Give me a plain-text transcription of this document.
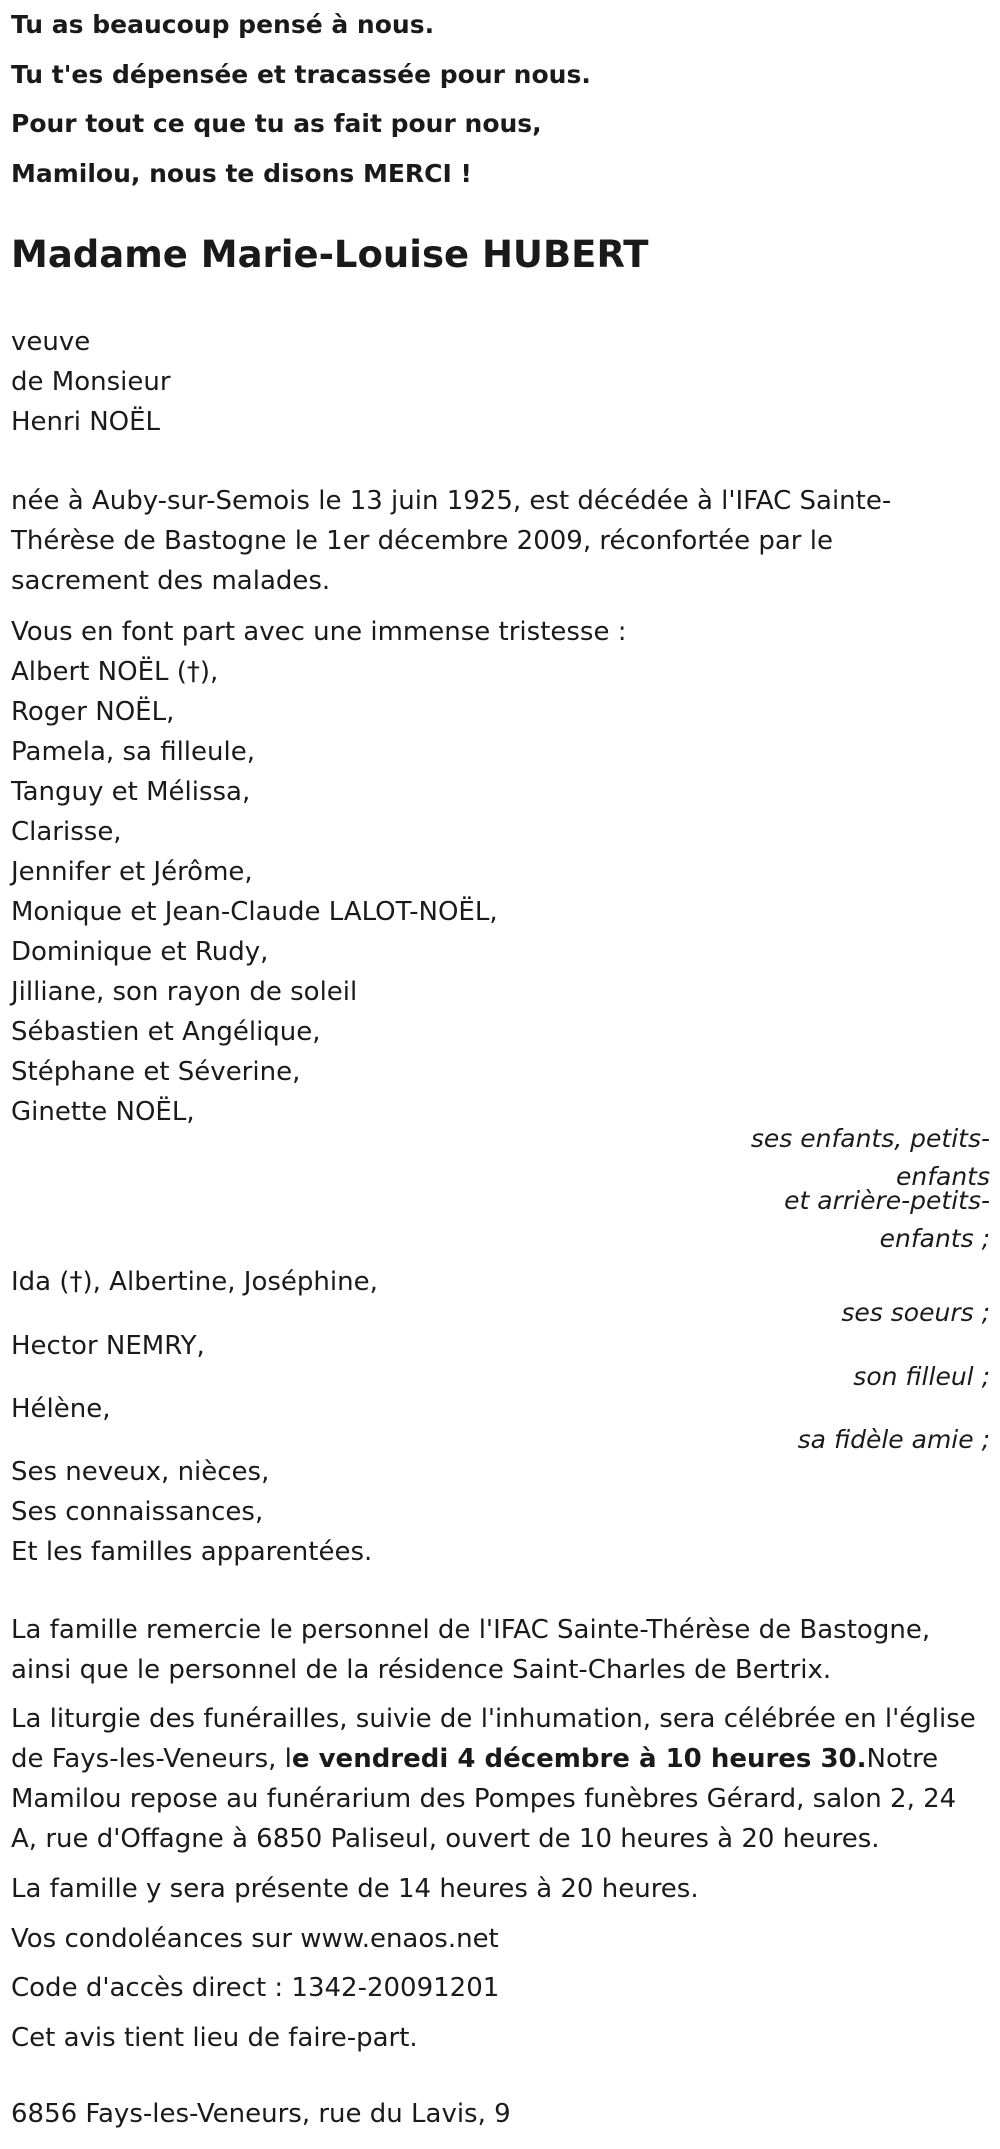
Tu as beaucoup pensé à nous.
Tu t'es dépensée et tracassée pour nous.
Pour tout ce que tu as fait pour nous,
Mamilou, nous te disons MERCI !
Madame Marie-Louise HUBERT
veuve
de Monsieur
Henri NOËL
née à Auby-sur-Semois le 13 juin 1925, est décédée à l'IFAC Sainte-
Thérèse de Bastogne le 1er décembre 2009, réconfortée par le
sacrement des malades.
Vous en font part avec une immense tristesse :
Albert NOËL (†),
Roger NOËL,
Pamela, sa filleule,
Tanguy et Mélissa,
Clarisse,
Jennifer et Jérôme,
Monique et Jean-Claude LALOT-NOËL,
Dominique et Rudy,
Jilliane, son rayon de soleil
Sébastien et Angélique,
Stéphane et Séverine,
Ginette NOËL,
ses enfants, petits-
enfants
et arrière-petits-
enfants ;
Ida (†), Albertine, Joséphine,
ses soeurs ;
Hector NEMRY,
son filleul ;
Hélène,
sa fidèle amie ;
Ses neveux, nièces,
Ses connaissances,
Et les familles apparentées.
La famille remercie le personnel de l'IFAC Sainte-Thérèse de Bastogne,
ainsi que le personnel de la résidence Saint-Charles de Bertrix.
La liturgie des funérailles, suivie de l'inhumation, sera célébrée en l'église
de Fays-les-Veneurs, le vendredi 4 décembre à 10 heures 30.Notre
Mamilou repose au funérarium des Pompes funèbres Gérard, salon 2, 24
A, rue d'Offagne à 6850 Paliseul, ouvert de 10 heures à 20 heures.
La famille y sera présente de 14 heures à 20 heures.
Vos condoléances sur www.enaos.net
Code d'accès direct : 1342-20091201
Cet avis tient lieu de faire-part.
6856 Fays-les-Veneurs, rue du Lavis, 9
